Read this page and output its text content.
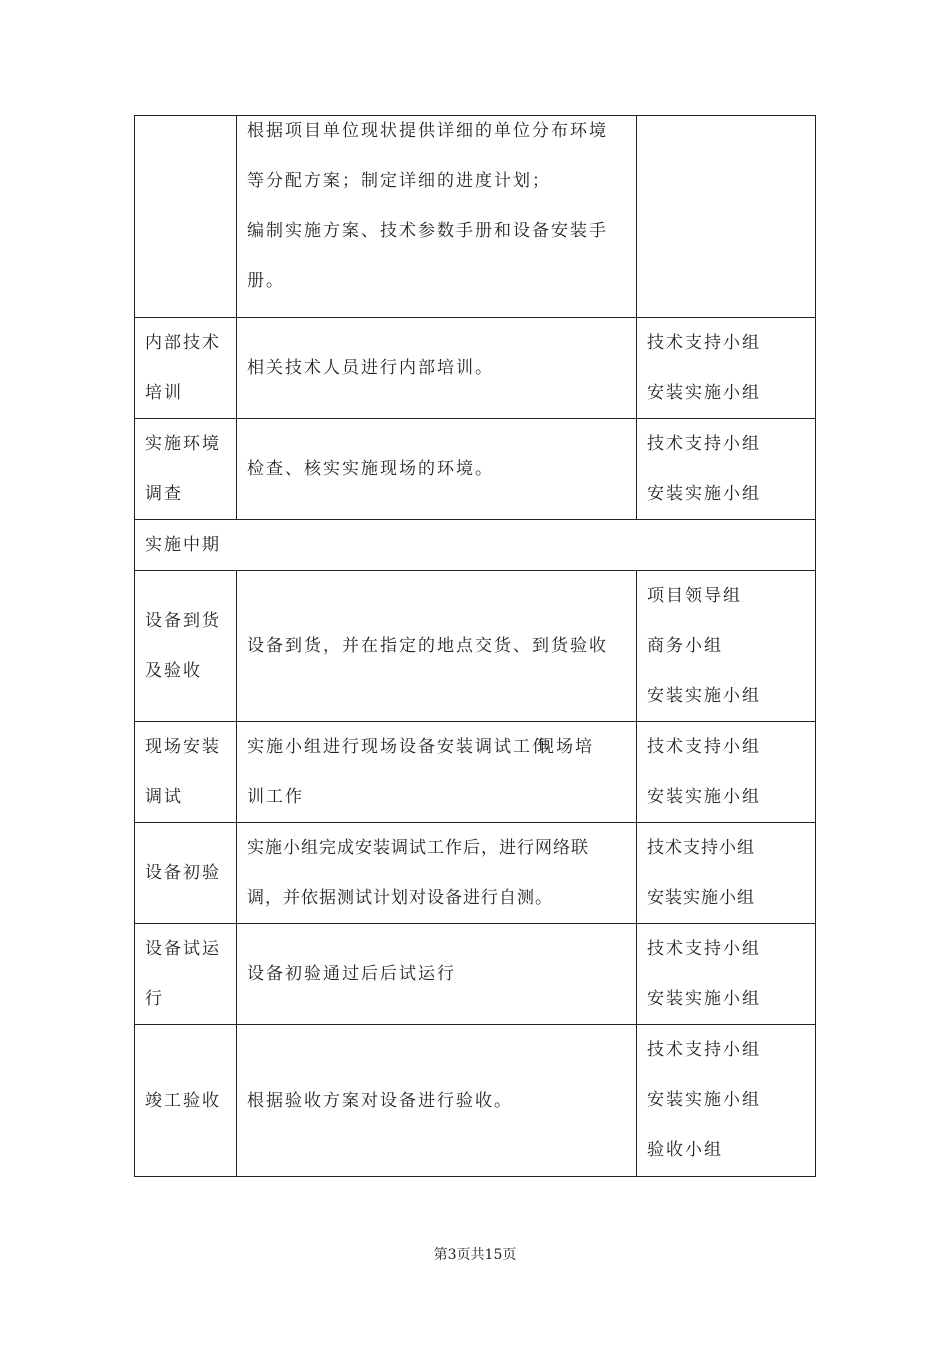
	根据项目单位现状提供详细的单位分布环境
等分配方案；制定详细的进度计划；
编制实施方案、技术参数手册和设备安装手
册。	

内部技术
培训	相关技术人员进行内部培训。	技术支持小组
安装实施小组

实施环境
调查	检查、核实实施现场的环境。	技术支持小组
安装实施小组

实施中期		

设备到货
及验收	设备到货，并在指定的地点交货、到货验收	项目领导组
商务小组
安装实施小组

现场安装
调试	实施小组进行现场设备安装调试工作现场培
训工作	技术支持小组
安装实施小组

设备初验	实施小组完成安装调试工作后，进行网络联
调，并依据测试计划对设备进行自测。	技术支持小组
安装实施小组

设备试运
行	设备初验通过后后试运行	技术支持小组
安装实施小组

竣工验收	根据验收方案对设备进行验收。	技术支持小组
安装实施小组
验收小组
第3页共15页
